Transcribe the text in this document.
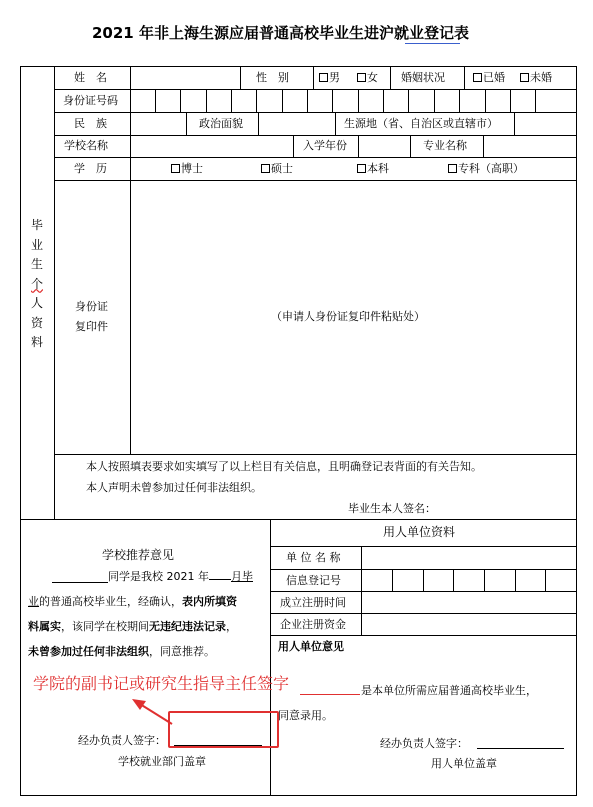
2021 年非上海生源应届普通高校毕业生进沪就业登记表
毕
业
生
个
人
资
料
姓　名	性　别	男	女 婚姻状况	已婚	未婚
身份证号码
民　族	政治面貌	生源地（省、自治区或直辖市）
学校名称	入学年份	专业名称
学　历	博士	硕士	本科	专科（高职）
身份证
复印件
（申请人身份证复印件粘贴处）
本人按照填表要求如实填写了以上栏目有关信息，且明确登记表背面的有关告知。
本人声明未曾参加过任何非法组织。
毕业生本人签名：
学校推荐意见
同学是我校 2021 年 月毕
业的普通高校毕业生，经确认，表内所填资
料属实，该同学在校期间无违纪违法记录，
未曾参加过任何非法组织，同意推荐。
学院的副书记或研究生指导主任签字
经办负责人签字：
学校就业部门盖章
用人单位资料
单 位 名 称
信息登记号
成立注册时间
企业注册资金
用人单位意见
是本单位所需应届普通高校毕业生，
同意录用。
经办负责人签字：
用人单位盖章
